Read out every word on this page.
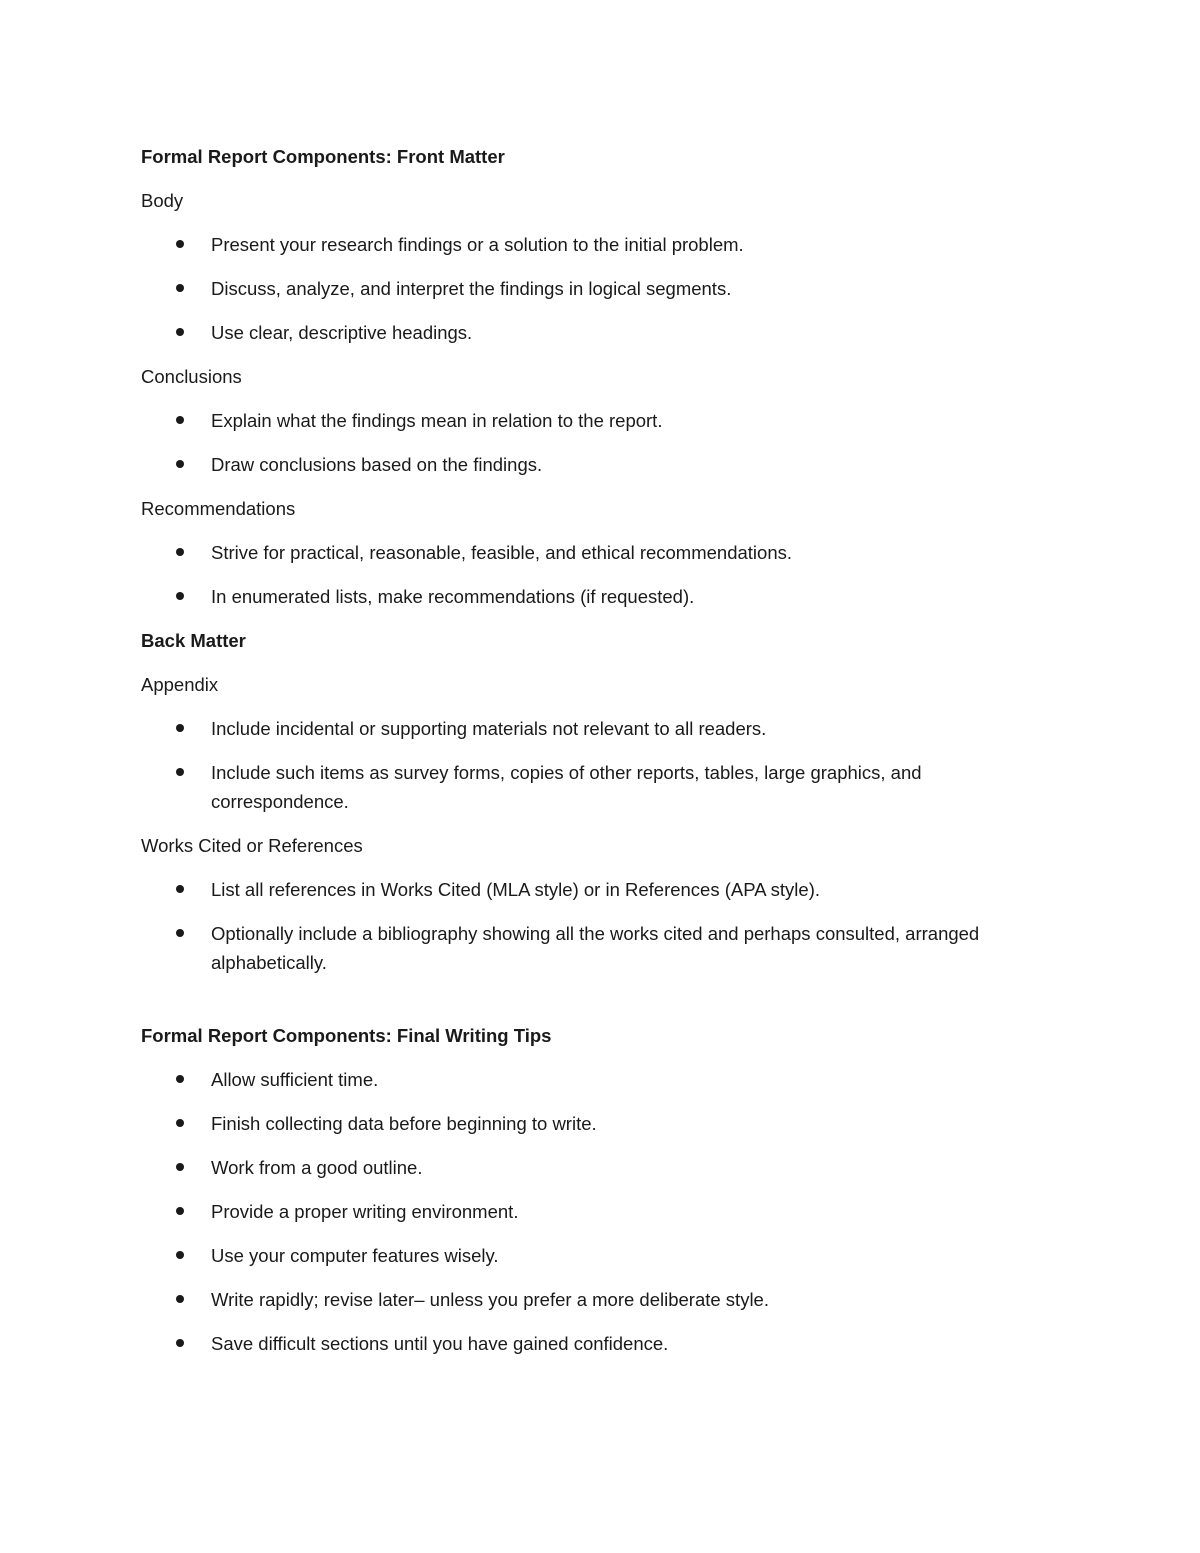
Formal Report Components: Front Matter

Body

Present your research findings or a solution to the initial problem.
Discuss, analyze, and interpret the findings in logical segments.
Use clear, descriptive headings.

Conclusions

Explain what the findings mean in relation to the report.
Draw conclusions based on the findings.

Recommendations

Strive for practical, reasonable, feasible, and ethical recommendations.
In enumerated lists, make recommendations (if requested).

Back Matter

Appendix

Include incidental or supporting materials not relevant to all readers.
Include such items as survey forms, copies of other reports, tables, large graphics, and correspondence.

Works Cited or References

List all references in Works Cited (MLA style) or in References (APA style).
Optionally include a bibliography showing all the works cited and perhaps consulted, arranged alphabetically.

Formal Report Components: Final Writing Tips

Allow sufficient time.
Finish collecting data before beginning to write.
Work from a good outline.
Provide a proper writing environment.
Use your computer features wisely.
Write rapidly; revise later– unless you prefer a more deliberate style.
Save difficult sections until you have gained confidence.
